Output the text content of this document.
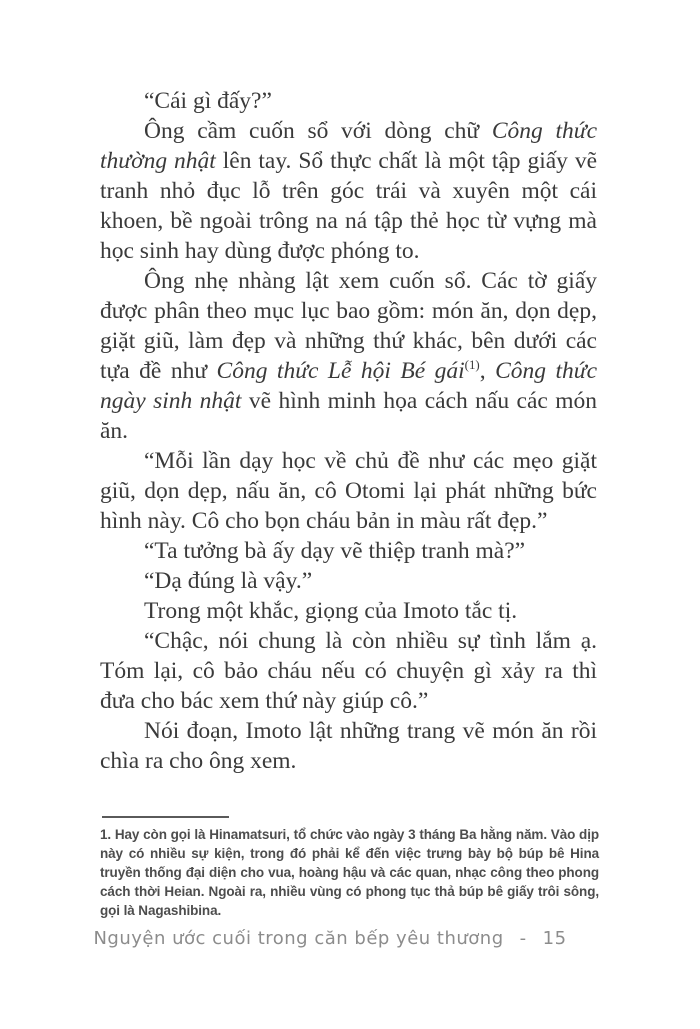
“Cái gì đấy?”

Ông cầm cuốn sổ với dòng chữ Công thức thường nhật lên tay. Sổ thực chất là một tập giấy vẽ tranh nhỏ đục lỗ trên góc trái và xuyên một cái khoen, bề ngoài trông na ná tập thẻ học từ vựng mà học sinh hay dùng được phóng to.

Ông nhẹ nhàng lật xem cuốn sổ. Các tờ giấy được phân theo mục lục bao gồm: món ăn, dọn dẹp, giặt giũ, làm đẹp và những thứ khác, bên dưới các tựa đề như Công thức Lễ hội Bé gái$^{(1)}$, Công thức ngày sinh nhật vẽ hình minh họa cách nấu các món ăn.

“Mỗi lần dạy học về chủ đề như các mẹo giặt giũ, dọn dẹp, nấu ăn, cô Otomi lại phát những bức hình này. Cô cho bọn cháu bản in màu rất đẹp.”

“Ta tưởng bà ấy dạy vẽ thiệp tranh mà?”

“Dạ đúng là vậy.”

Trong một khắc, giọng của Imoto tắc tị.

“Chậc, nói chung là còn nhiều sự tình lắm ạ. Tóm lại, cô bảo cháu nếu có chuyện gì xảy ra thì đưa cho bác xem thứ này giúp cô.”

Nói đoạn, Imoto lật những trang vẽ món ăn rồi chìa ra cho ông xem.

1. Hay còn gọi là Hinamatsuri, tổ chức vào ngày 3 tháng Ba hằng năm. Vào dịp này có nhiều sự kiện, trong đó phải kể đến việc trưng bày bộ búp bê Hina truyền thống đại diện cho vua, hoàng hậu và các quan, nhạc công theo phong cách thời Heian. Ngoài ra, nhiều vùng có phong tục thả búp bê giấy trôi sông, gọi là Nagashibina.
Nguyện ước cuối trong căn bếp yêu thương - 15
